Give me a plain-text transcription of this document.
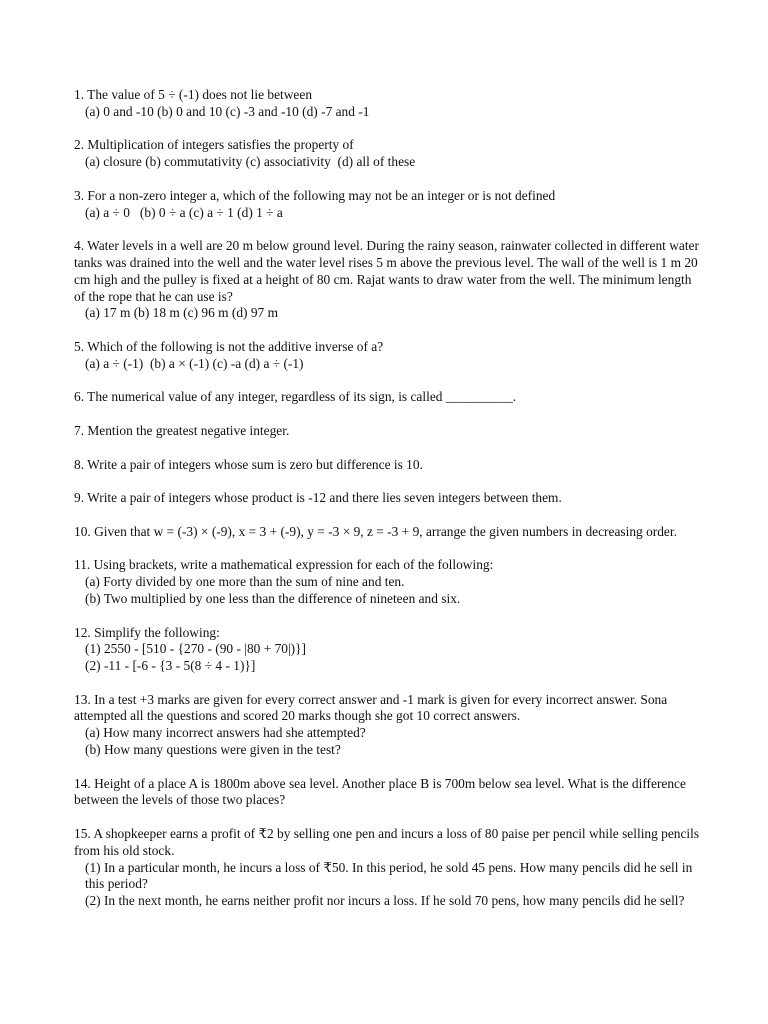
1. The value of 5 ÷ (-1) does not lie between
(a) 0 and -10 (b) 0 and 10 (c) -3 and -10 (d) -7 and -1
2. Multiplication of integers satisfies the property of
(a) closure (b) commutativity (c) associativity  (d) all of these
3. For a non-zero integer a, which of the following may not be an integer or is not defined
(a) a ÷ 0   (b) 0 ÷ a (c) a ÷ 1 (d) 1 ÷ a
4. Water levels in a well are 20 m below ground level. During the rainy season, rainwater collected in different water tanks was drained into the well and the water level rises 5 m above the previous level. The wall of the well is 1 m 20 cm high and the pulley is fixed at a height of 80 cm. Rajat wants to draw water from the well. The minimum length of the rope that he can use is?
(a) 17 m (b) 18 m (c) 96 m (d) 97 m
5. Which of the following is not the additive inverse of a?
(a) a ÷ (-1)  (b) a × (-1) (c) -a (d) a ÷ (-1)
6. The numerical value of any integer, regardless of its sign, is called __________.
7. Mention the greatest negative integer.
8. Write a pair of integers whose sum is zero but difference is 10.
9. Write a pair of integers whose product is -12 and there lies seven integers between them.
10. Given that w = (-3) × (-9), x = 3 + (-9), y = -3 × 9, z = -3 + 9, arrange the given numbers in decreasing order.
11. Using brackets, write a mathematical expression for each of the following:
(a) Forty divided by one more than the sum of nine and ten.
(b) Two multiplied by one less than the difference of nineteen and six.
12. Simplify the following:
(1) 2550 - [510 - {270 - (90 - |80 + 70|)}]
(2) -11 - [-6 - {3 - 5(8 ÷ 4 - 1)}]
13. In a test +3 marks are given for every correct answer and -1 mark is given for every incorrect answer. Sona attempted all the questions and scored 20 marks though she got 10 correct answers.
(a) How many incorrect answers had she attempted?
(b) How many questions were given in the test?
14. Height of a place A is 1800m above sea level. Another place B is 700m below sea level. What is the difference between the levels of those two places?
15. A shopkeeper earns a profit of ₹2 by selling one pen and incurs a loss of 80 paise per pencil while selling pencils from his old stock.
(1) In a particular month, he incurs a loss of ₹50. In this period, he sold 45 pens. How many pencils did he sell in this period?
(2) In the next month, he earns neither profit nor incurs a loss. If he sold 70 pens, how many pencils did he sell?
